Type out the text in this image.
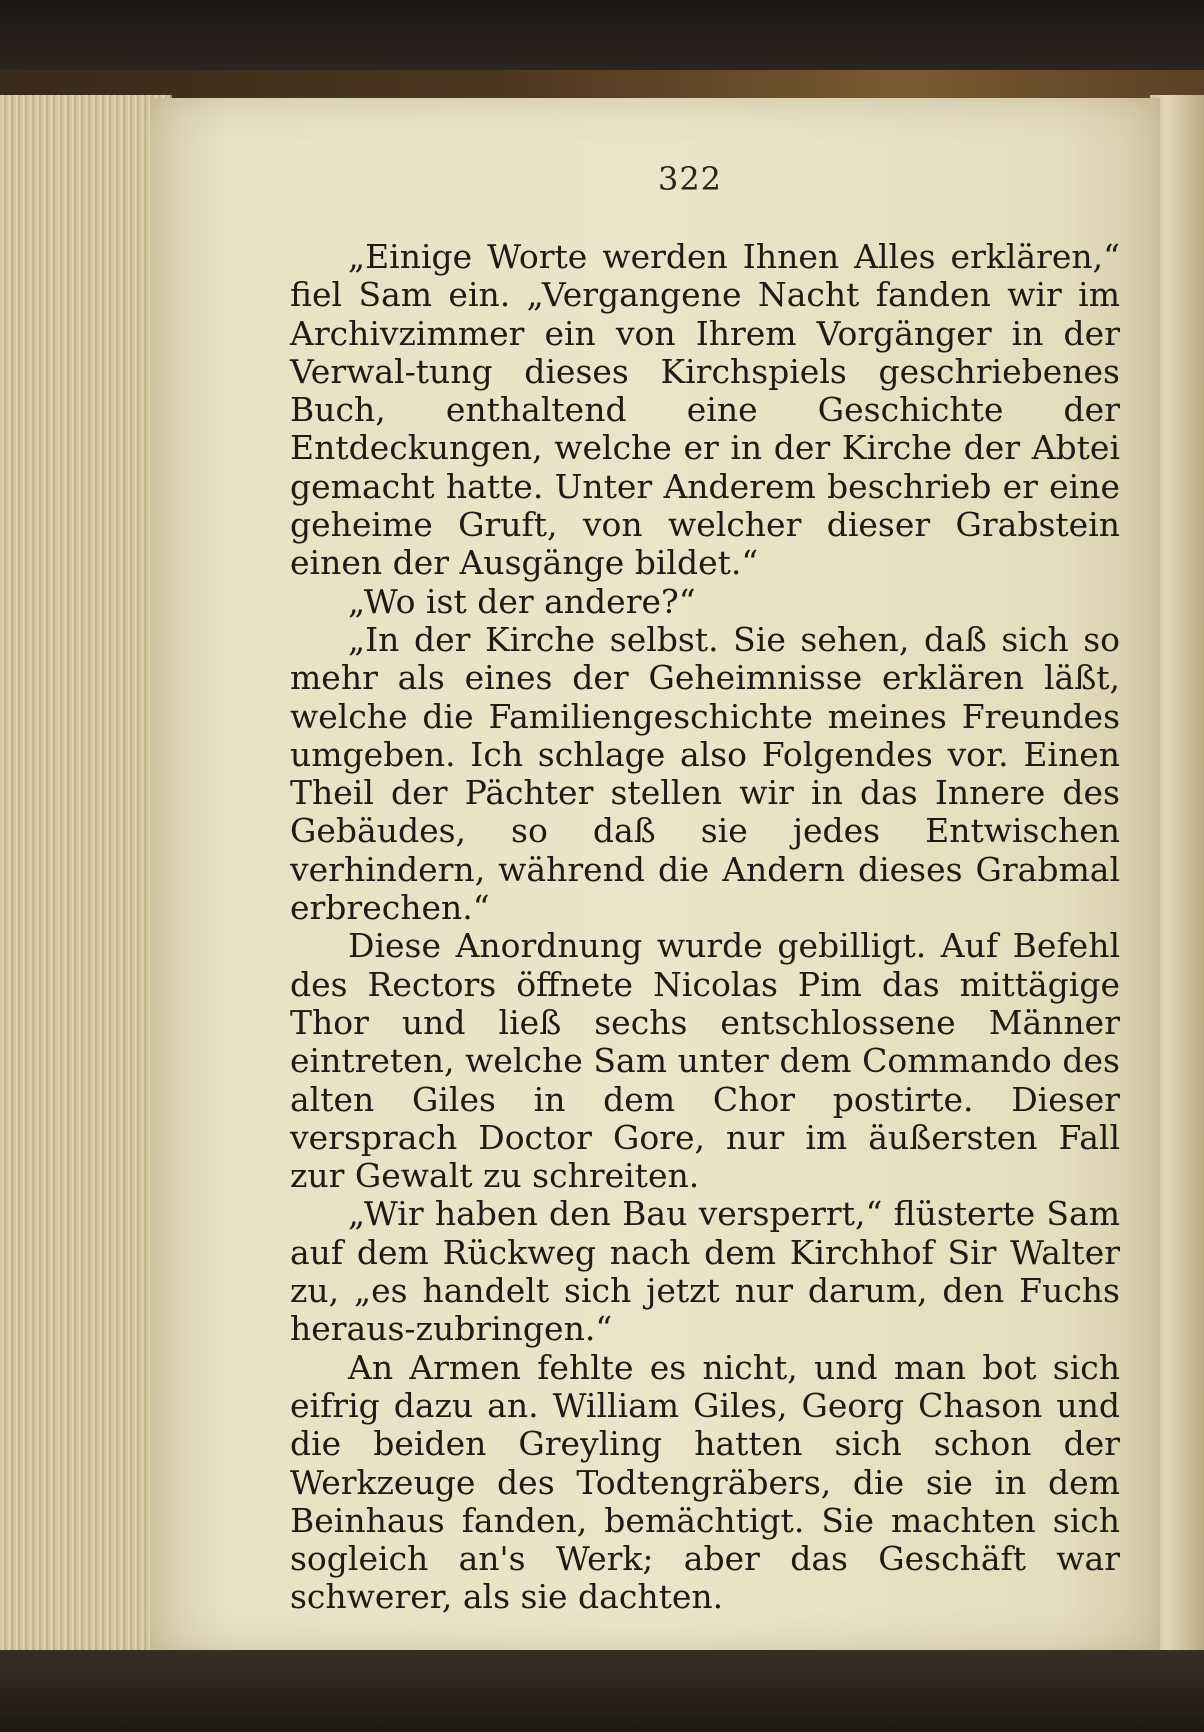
322

„Einige Worte werden Ihnen Alles erklären,“ fiel Sam ein. „Vergangene Nacht fanden wir im Archivzimmer ein von Ihrem Vorgänger in der Verwal-tung dieses Kirchspiels geschriebenes Buch, enthaltend eine Geschichte der Entdeckungen, welche er in der Kirche der Abtei gemacht hatte. Unter Anderem beschrieb er eine geheime Gruft, von welcher dieser Grabstein einen der Ausgänge bildet.“

„Wo ist der andere?“

„In der Kirche selbst. Sie sehen, daß sich so mehr als eines der Geheimnisse erklären läßt, welche die Familiengeschichte meines Freundes umgeben. Ich schlage also Folgendes vor. Einen Theil der Pächter stellen wir in das Innere des Gebäudes, so daß sie jedes Entwischen verhindern, während die Andern dieses Grabmal erbrechen.“

Diese Anordnung wurde gebilligt. Auf Befehl des Rectors öffnete Nicolas Pim das mittägige Thor und ließ sechs entschlossene Männer eintreten, welche Sam unter dem Commando des alten Giles in dem Chor postirte. Dieser versprach Doctor Gore, nur im äußersten Fall zur Gewalt zu schreiten.

„Wir haben den Bau versperrt,“ flüsterte Sam auf dem Rückweg nach dem Kirchhof Sir Walter zu, „es handelt sich jetzt nur darum, den Fuchs heraus-zubringen.“

An Armen fehlte es nicht, und man bot sich eifrig dazu an. William Giles, Georg Chason und die beiden Greyling hatten sich schon der Werkzeuge des Todtengräbers, die sie in dem Beinhaus fanden, bemächtigt. Sie machten sich sogleich an's Werk; aber das Geschäft war schwerer, als sie dachten.
